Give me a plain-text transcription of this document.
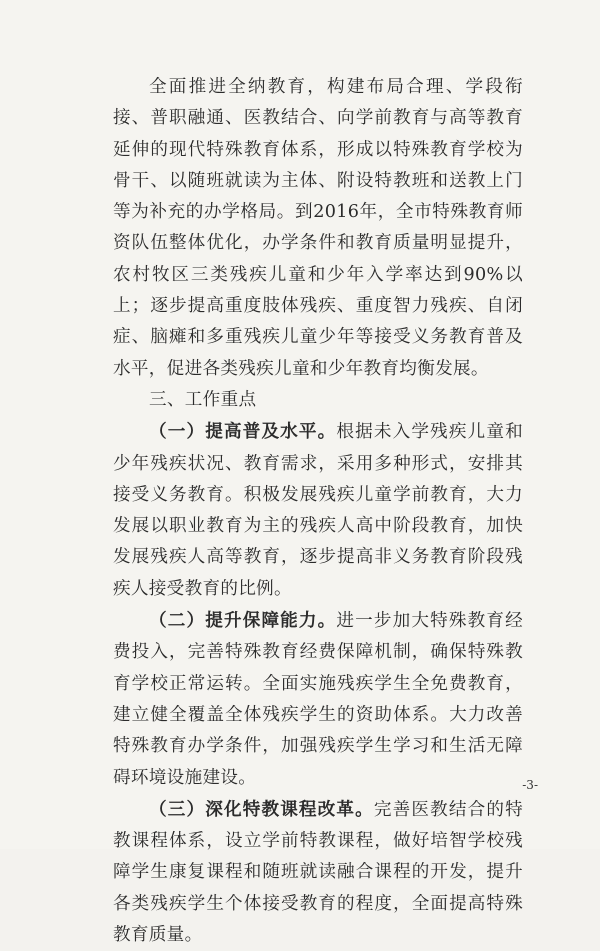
全面推进全纳教育，构建布局合理、学段衔接、普职融通、医教结合、向学前教育与高等教育延伸的现代特殊教育体系，形成以特殊教育学校为骨干、以随班就读为主体、附设特教班和送教上门等为补充的办学格局。到2016年，全市特殊教育师资队伍整体优化，办学条件和教育质量明显提升，农村牧区三类残疾儿童和少年入学率达到90%以上；逐步提高重度肢体残疾、重度智力残疾、自闭症、脑瘫和多重残疾儿童少年等接受义务教育普及水平，促进各类残疾儿童和少年教育均衡发展。

三、工作重点

（一）提高普及水平。根据未入学残疾儿童和少年残疾状况、教育需求，采用多种形式，安排其接受义务教育。积极发展残疾儿童学前教育，大力发展以职业教育为主的残疾人高中阶段教育，加快发展残疾人高等教育，逐步提高非义务教育阶段残疾人接受教育的比例。

（二）提升保障能力。进一步加大特殊教育经费投入，完善特殊教育经费保障机制，确保特殊教育学校正常运转。全面实施残疾学生全免费教育，建立健全覆盖全体残疾学生的资助体系。大力改善特殊教育办学条件，加强残疾学生学习和生活无障碍环境设施建设。

（三）深化特教课程改革。完善医教结合的特教课程体系，设立学前特教课程，做好培智学校残障学生康复课程和随班就读融合课程的开发，提升各类残疾学生个体接受教育的程度，全面提高特殊教育质量。

-3-
